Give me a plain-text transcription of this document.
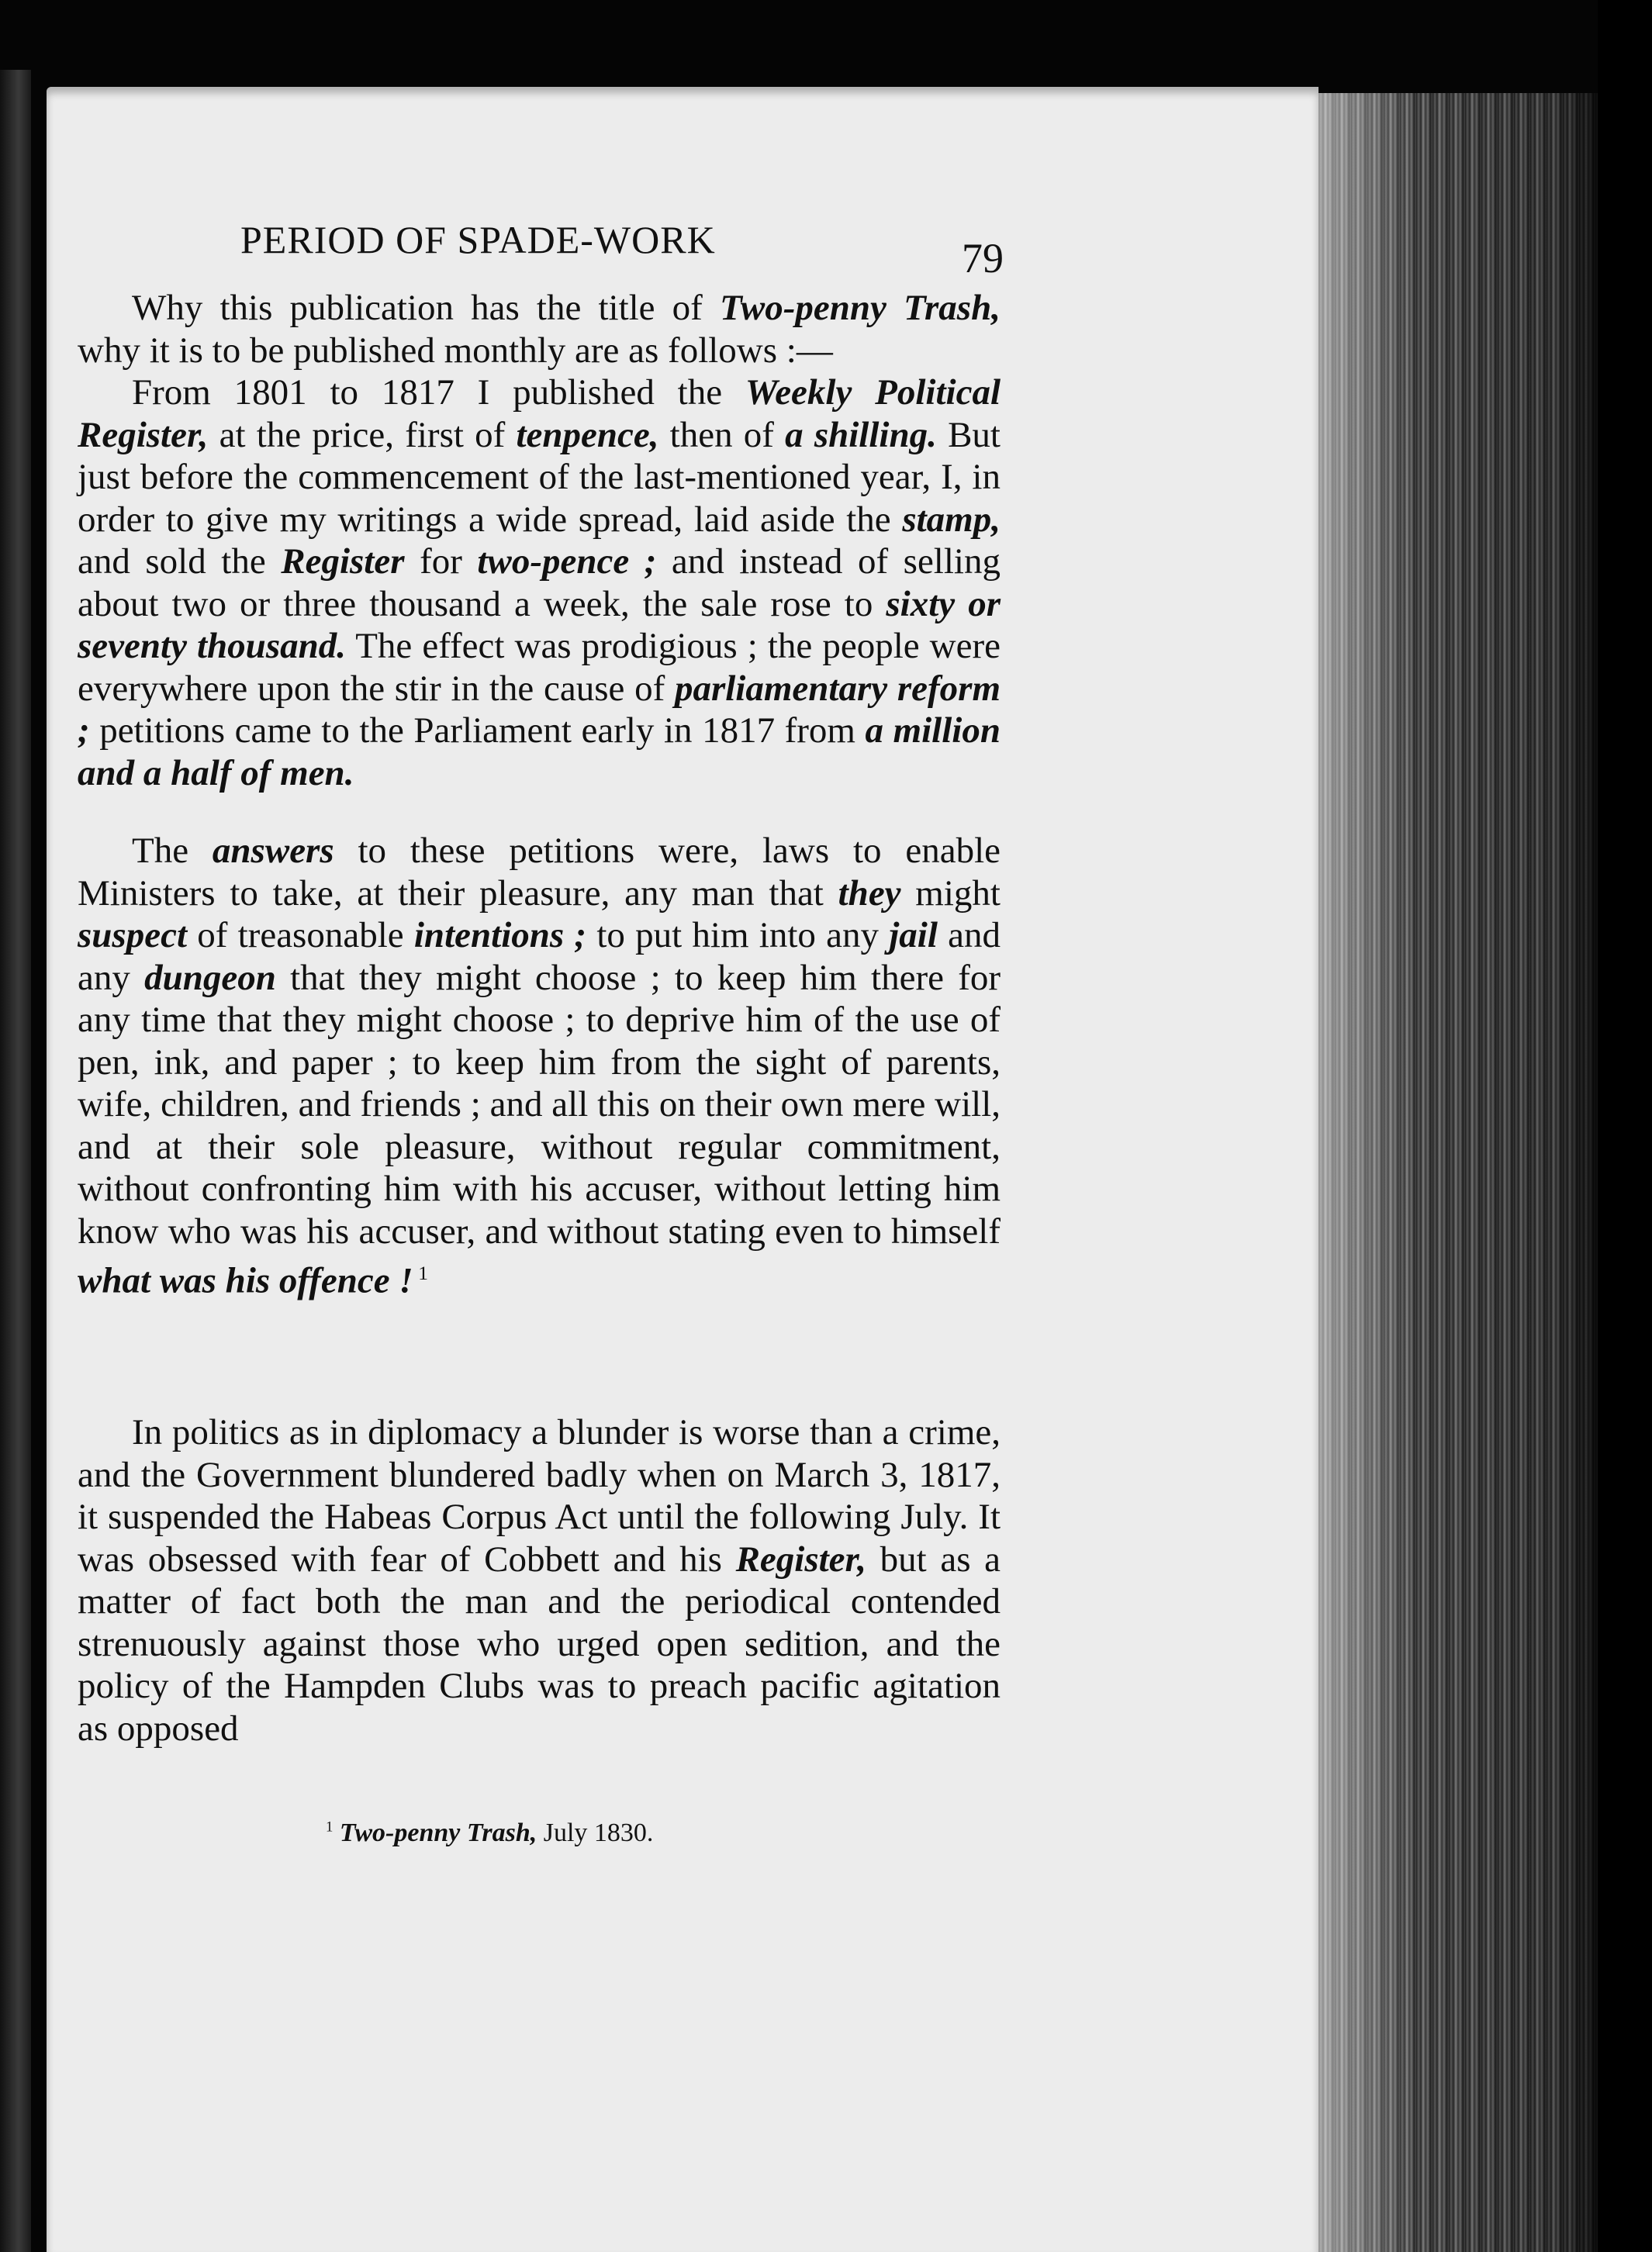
PERIOD OF SPADE-WORK	79

Why this publication has the title of Two-penny Trash, why it is to be published monthly are as follows :—

From 1801 to 1817 I published the Weekly Political Register, at the price, first of tenpence, then of a shilling. But just before the commencement of the last-mentioned year, I, in order to give my writings a wide spread, laid aside the stamp, and sold the Register for two-pence ; and instead of selling about two or three thousand a week, the sale rose to sixty or seventy thousand. The effect was prodigious ; the people were everywhere upon the stir in the cause of parliamentary reform ; petitions came to the Parliament early in 1817 from a million and a half of men.

The answers to these petitions were, laws to enable Ministers to take, at their pleasure, any man that they might suspect of treasonable intentions ; to put him into any jail and any dungeon that they might choose ; to keep him there for any time that they might choose ; to deprive him of the use of pen, ink, and paper ; to keep him from the sight of parents, wife, children, and friends ; and all this on their own mere will, and at their sole pleasure, without regular commitment, without confronting him with his accuser, without letting him know who was his accuser, and without stating even to himself what was his offence ! $^1$

In politics as in diplomacy a blunder is worse than a crime, and the Government blundered badly when on March 3, 1817, it suspended the Habeas Corpus Act until the following July. It was obsessed with fear of Cobbett and his Register, but as a matter of fact both the man and the periodical contended strenuously against those who urged open sedition, and the policy of the Hampden Clubs was to preach pacific agitation as opposed

$^1$ Two-penny Trash, July 1830.
